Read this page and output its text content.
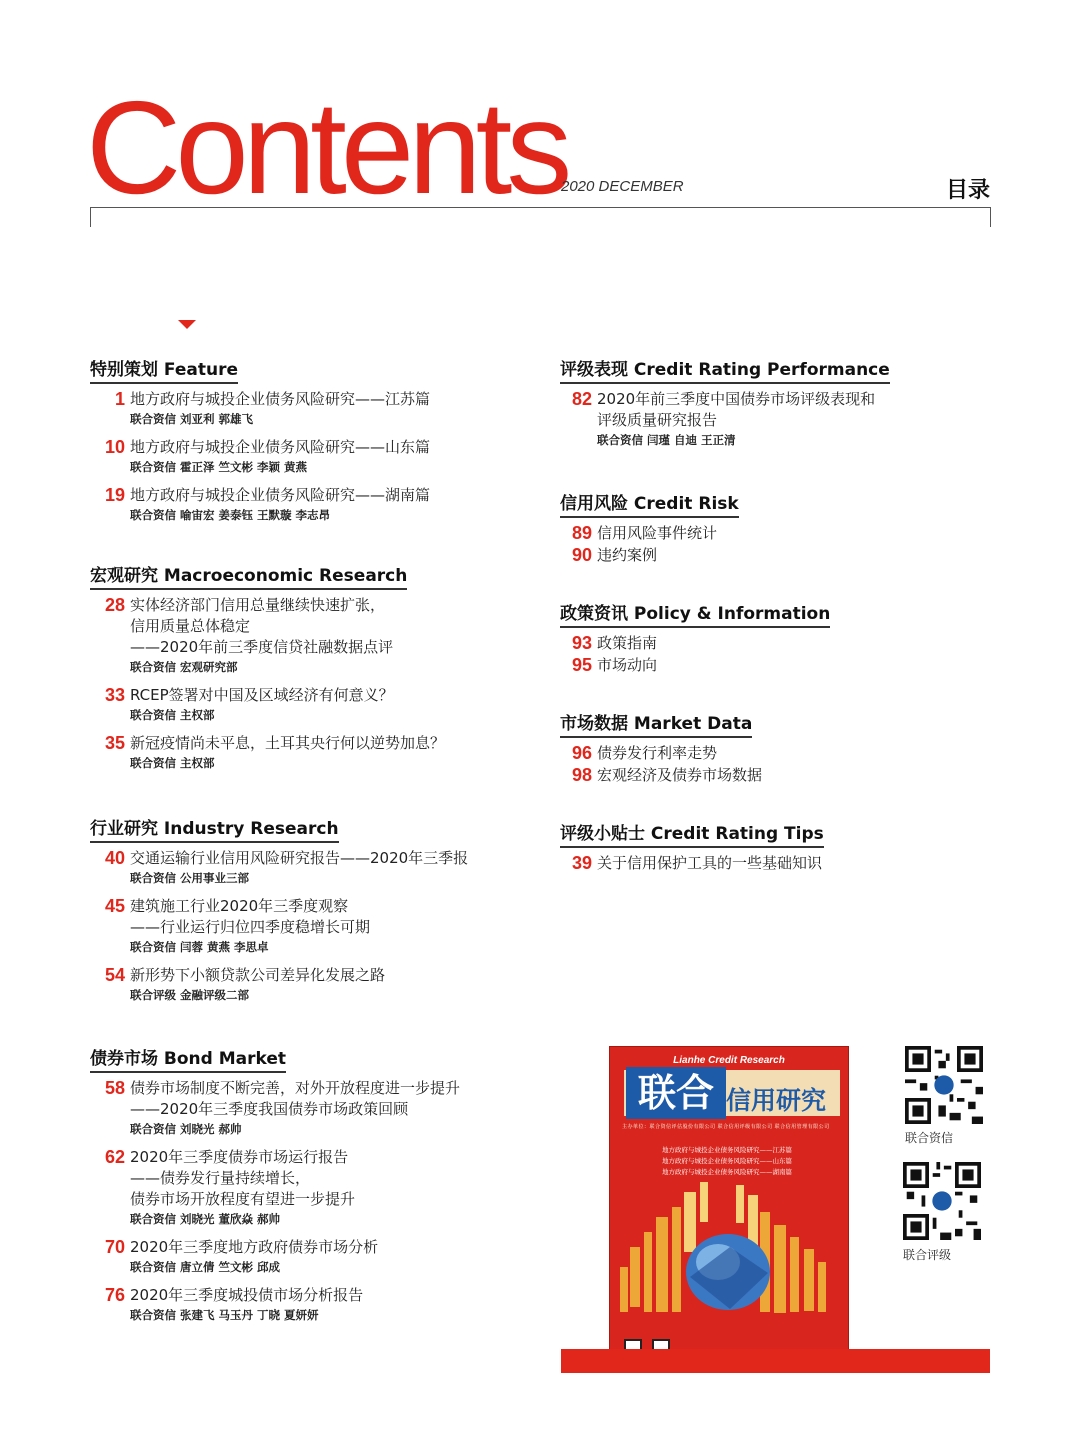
Contents
2020 DECEMBER	目录
特别策划 Feature
1 地方政府与城投企业债务风险研究——江苏篇
联合资信 刘亚利 郭雄飞
10 地方政府与城投企业债务风险研究——山东篇
联合资信 霍正泽 竺文彬 李颖 黄燕
19 地方政府与城投企业债务风险研究——湖南篇
联合资信 喻宙宏 姜泰钰 王默璇 李志昂
宏观研究 Macroeconomic Research
28 实体经济部门信用总量继续快速扩张，
信用质量总体稳定
——2020年前三季度信贷社融数据点评
联合资信 宏观研究部
33 RCEP签署对中国及区域经济有何意义？
联合资信 主权部
35 新冠疫情尚未平息，土耳其央行何以逆势加息？
联合资信 主权部
行业研究 Industry Research
40 交通运输行业信用风险研究报告——2020年三季报
联合资信 公用事业三部
45 建筑施工行业2020年三季度观察
——行业运行归位四季度稳增长可期
联合资信 闫蓉 黄燕 李思卓
54 新形势下小额贷款公司差异化发展之路
联合评级 金融评级二部
债券市场 Bond Market
58 债券市场制度不断完善，对外开放程度进一步提升
——2020年三季度我国债券市场政策回顾
联合资信 刘晓光 郝帅
62 2020年三季度债券市场运行报告
——债券发行量持续增长，
债券市场开放程度有望进一步提升
联合资信 刘晓光 董欣焱 郝帅
70 2020年三季度地方政府债券市场分析
联合资信 唐立倩 竺文彬 邱成
76 2020年三季度城投债市场分析报告
联合资信 张建飞 马玉丹 丁晓 夏妍妍
评级表现 Credit Rating Performance
82 2020年前三季度中国债券市场评级表现和
评级质量研究报告
联合资信 闫瑾 自迪 王正清
信用风险 Credit Risk
89 信用风险事件统计
90 违约案例
政策资讯 Policy & Information
93 政策指南
95 市场动向
市场数据 Market Data
96 债券发行利率走势
98 宏观经济及债券市场数据
评级小贴士 Credit Rating Tips
39 关于信用保护工具的一些基础知识
Lianhe Credit Research
联合 信用研究
主办单位：联合资信评估股份有限公司 联合信用评级有限公司 联合信用管理有限公司
地方政府与城投企业债务风险研究——江苏篇
地方政府与城投企业债务风险研究——山东篇
地方政府与城投企业债务风险研究——湖南篇
联合资信
联合评级
